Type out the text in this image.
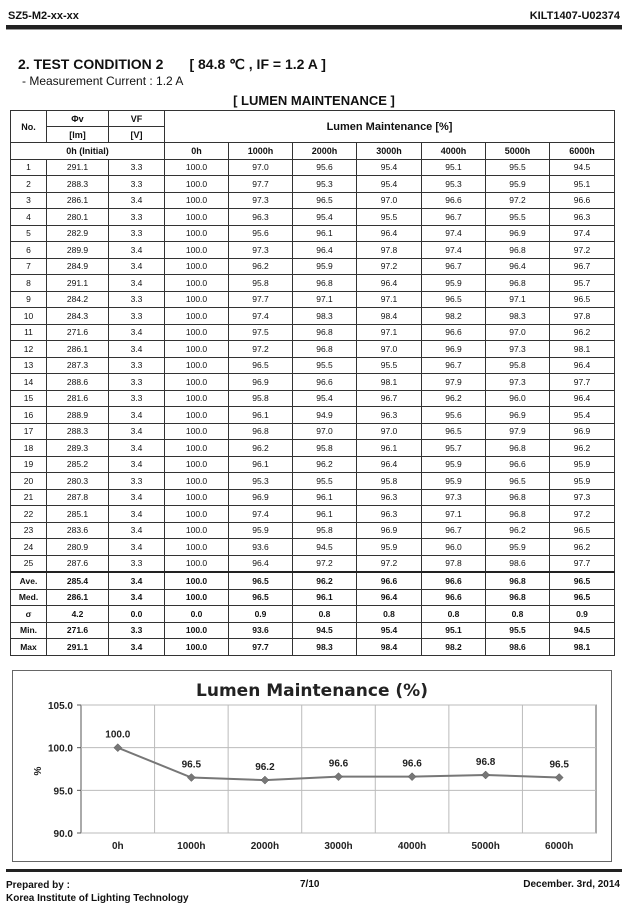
SZ5-M2-xx-xx	KILT1407-U02374
2. TEST CONDITION 2 [ 84.8 ℃ , IF = 1.2 A ]
- Measurement Current : 1.2 A
[ LUMEN MAINTENANCE ]
No.	Φv	VF	Lumen Maintenance [%]						
	[lm]	[V]							
0h (Initial)			0h	1000h	2000h	3000h	4000h	5000h	6000h
1	291.1	3.3	100.0	97.0	95.6	95.4	95.1	95.5	94.5
2	288.3	3.3	100.0	97.7	95.3	95.4	95.3	95.9	95.1
3	286.1	3.4	100.0	97.3	96.5	97.0	96.6	97.2	96.6
4	280.1	3.3	100.0	96.3	95.4	95.5	96.7	95.5	96.3
5	282.9	3.3	100.0	95.6	96.1	96.4	97.4	96.9	97.4
6	289.9	3.4	100.0	97.3	96.4	97.8	97.4	96.8	97.2
7	284.9	3.4	100.0	96.2	95.9	97.2	96.7	96.4	96.7
8	291.1	3.4	100.0	95.8	96.8	96.4	95.9	96.8	95.7
9	284.2	3.3	100.0	97.7	97.1	97.1	96.5	97.1	96.5
10	284.3	3.3	100.0	97.4	98.3	98.4	98.2	98.3	97.8
11	271.6	3.4	100.0	97.5	96.8	97.1	96.6	97.0	96.2
12	286.1	3.4	100.0	97.2	96.8	97.0	96.9	97.3	98.1
13	287.3	3.3	100.0	96.5	95.5	95.5	96.7	95.8	96.4
14	288.6	3.3	100.0	96.9	96.6	98.1	97.9	97.3	97.7
15	281.6	3.3	100.0	95.8	95.4	96.7	96.2	96.0	96.4
16	288.9	3.4	100.0	96.1	94.9	96.3	95.6	96.9	95.4
17	288.3	3.4	100.0	96.8	97.0	97.0	96.5	97.9	96.9
18	289.3	3.4	100.0	96.2	95.8	96.1	95.7	96.8	96.2
19	285.2	3.4	100.0	96.1	96.2	96.4	95.9	96.6	95.9
20	280.3	3.3	100.0	95.3	95.5	95.8	95.9	96.5	95.9
21	287.8	3.4	100.0	96.9	96.1	96.3	97.3	96.8	97.3
22	285.1	3.4	100.0	97.4	96.1	96.3	97.1	96.8	97.2
23	283.6	3.4	100.0	95.9	95.8	96.9	96.7	96.2	96.5
24	280.9	3.4	100.0	93.6	94.5	95.9	96.0	95.9	96.2
25	287.6	3.3	100.0	96.4	97.2	97.2	97.8	98.6	97.7
Ave.	285.4	3.4	100.0	96.5	96.2	96.6	96.6	96.8	96.5
Med.	286.1	3.4	100.0	96.5	96.1	96.4	96.6	96.8	96.5
σ	4.2	0.0	0.0	0.9	0.8	0.8	0.8	0.8	0.9
Min.	271.6	3.3	100.0	93.6	94.5	95.4	95.1	95.5	94.5
Max	291.1	3.4	100.0	97.7	98.3	98.4	98.2	98.6	98.1
Lumen Maintenance (%)
90.0
95.0
100.0
105.0
%
0h	1000h	2000h	3000h	4000h	5000h	6000h
100.0
96.5	96.2	96.6	96.6	96.8	96.5
Prepared by :
Korea Institute of Lighting Technology
7/10	December. 3rd, 2014
